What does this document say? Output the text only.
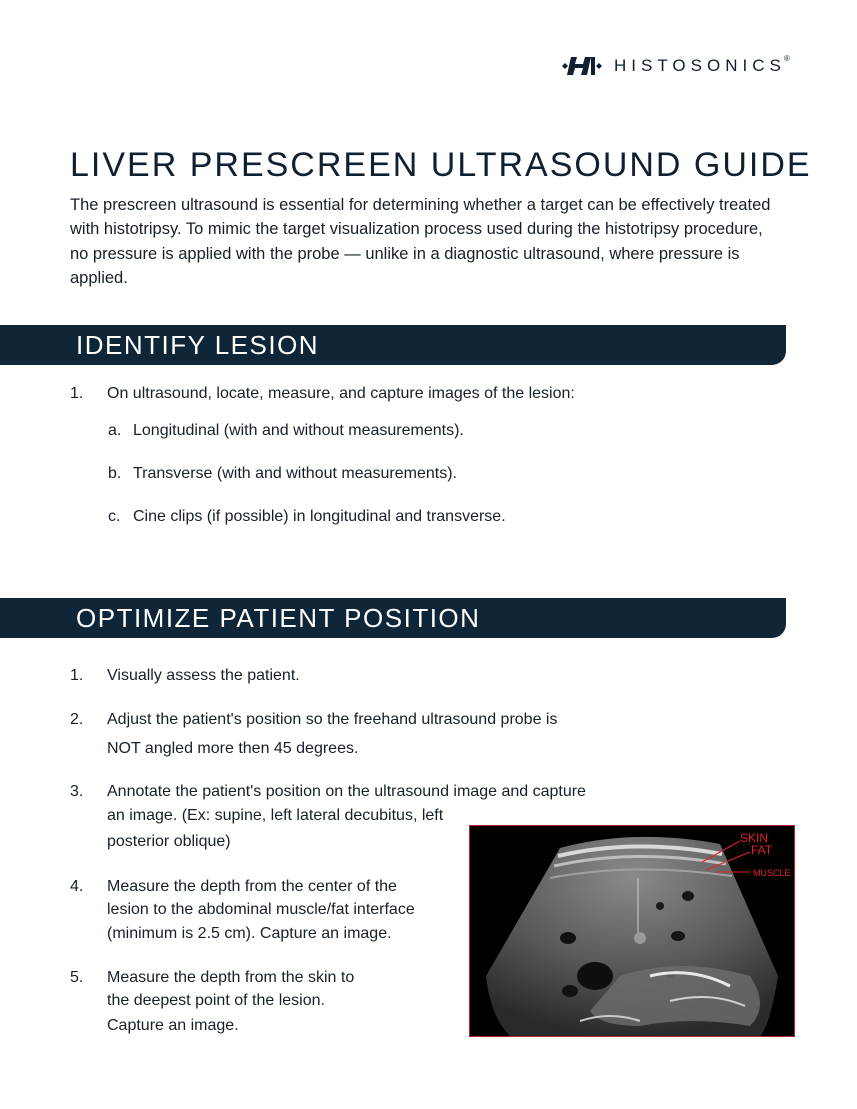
HISTOSONICS
®
LIVER PRESCREEN ULTRASOUND GUIDE

The prescreen ultrasound is essential for determining whether a target can be effectively treated with histotripsy. To mimic the target visualization process used during the histotripsy procedure, no pressure is applied with the probe — unlike in a diagnostic ultrasound, where pressure is applied.

IDENTIFY LESION
1. On ultrasound, locate, measure, and capture images of the lesion:
a. Longitudinal (with and without measurements).
b. Transverse (with and without measurements).
c. Cine clips (if possible) in longitudinal and transverse.
OPTIMIZE PATIENT POSITION
1. Visually assess the patient.
2. Adjust the patient's position so the freehand ultrasound probe is
NOT angled more then 45 degrees.
3. Annotate the patient's position on the ultrasound image and capture
an image. (Ex: supine, left lateral decubitus, left
posterior oblique)
4. Measure the depth from the center of the
lesion to the abdominal muscle/fat interface
(minimum is 2.5 cm). Capture an image.
5. Measure the depth from the skin to
the deepest point of the lesion.
Capture an image.
SKIN
FAT
MUSCLE
